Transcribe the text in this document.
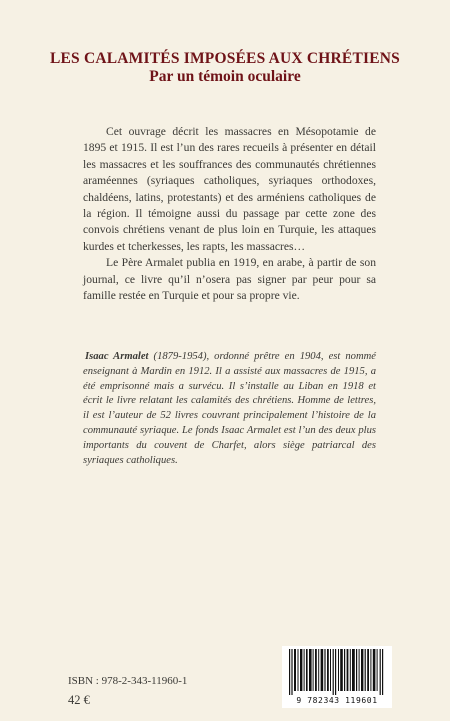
LES CALAMITÉS IMPOSÉES AUX CHRÉTIENS
Par un témoin oculaire

Cet ouvrage décrit les massacres en Mésopotamie de 1895 et 1915. Il est l’un des rares recueils à présenter en détail les massacres et les souffrances des communautés chrétiennes araméennes (syriaques catholiques, syriaques orthodoxes, chaldéens, latins, protestants) et des arméniens catholiques de la région. Il témoigne aussi du passage par cette zone des convois chrétiens venant de plus loin en Turquie, les attaques kurdes et tcherkesses, les rapts, les massacres…

Le Père Armalet publia en 1919, en arabe, à partir de son journal, ce livre qu’il n’osera pas signer par peur pour sa famille restée en Turquie et pour sa propre vie.

Isaac Armalet (1879-1954), ordonné prêtre en 1904, est nommé enseignant à Mardin en 1912. Il a assisté aux massacres de 1915, a été emprisonné mais a survécu. Il s’installe au Liban en 1918 et écrit le livre relatant les calamités des chrétiens. Homme de lettres, il est l’auteur de 52 livres couvrant principalement l’histoire de la communauté syriaque. Le fonds Isaac Armalet est l’un des deux plus importants du couvent de Charfet, alors siège patriarcal des syriaques catholiques.

ISBN : 978-2-343-11960-1
42 €	9 782343 119601
